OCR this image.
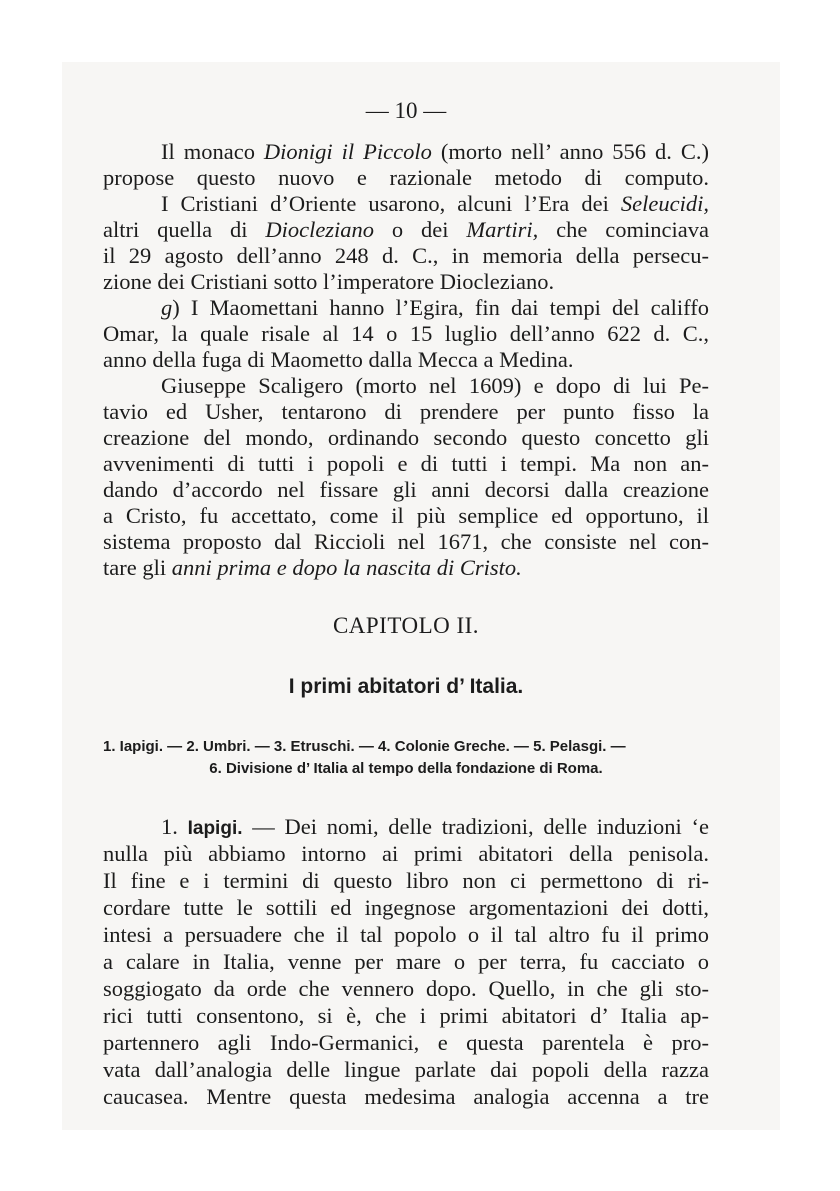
— 10 —
Il monaco Dionigi il Piccolo (morto nell’ anno 556 d. C.)
propose questo nuovo e razionale metodo di computo.
I Cristiani d’Oriente usarono, alcuni l’Era dei Seleucidi,
altri quella di Diocleziano o dei Martiri, che cominciava
il 29 agosto dell’anno 248 d. C., in memoria della persecu-
zione dei Cristiani sotto l’imperatore Diocleziano.
g) I Maomettani hanno l’Egira, fin dai tempi del califfo
Omar, la quale risale al 14 o 15 luglio dell’anno 622 d. C.,
anno della fuga di Maometto dalla Mecca a Medina.
Giuseppe Scaligero (morto nel 1609) e dopo di lui Pe-
tavio ed Usher, tentarono di prendere per punto fisso la
creazione del mondo, ordinando secondo questo concetto gli
avvenimenti di tutti i popoli e di tutti i tempi. Ma non an-
dando d’accordo nel fissare gli anni decorsi dalla creazione
a Cristo, fu accettato, come il più semplice ed opportuno, il
sistema proposto dal Riccioli nel 1671, che consiste nel con-
tare gli anni prima e dopo la nascita di Cristo.
CAPITOLO II.
I primi abitatori d’ Italia.
1. Iapigi. — 2. Umbri. — 3. Etruschi. — 4. Colonie Greche. — 5. Pelasgi. —
6. Divisione d’ Italia al tempo della fondazione di Roma.
1. Iapigi. — Dei nomi, delle tradizioni, delle induzioni ‘e
nulla più abbiamo intorno ai primi abitatori della penisola.
Il fine e i termini di questo libro non ci permettono di ri-
cordare tutte le sottili ed ingegnose argomentazioni dei dotti,
intesi a persuadere che il tal popolo o il tal altro fu il primo
a calare in Italia, venne per mare o per terra, fu cacciato o
soggiogato da orde che vennero dopo. Quello, in che gli sto-
rici tutti consentono, si è, che i primi abitatori d’ Italia ap-
partennero agli Indo-Germanici, e questa parentela è pro-
vata dall’analogia delle lingue parlate dai popoli della razza
caucasea. Mentre questa medesima analogia accenna a tre
